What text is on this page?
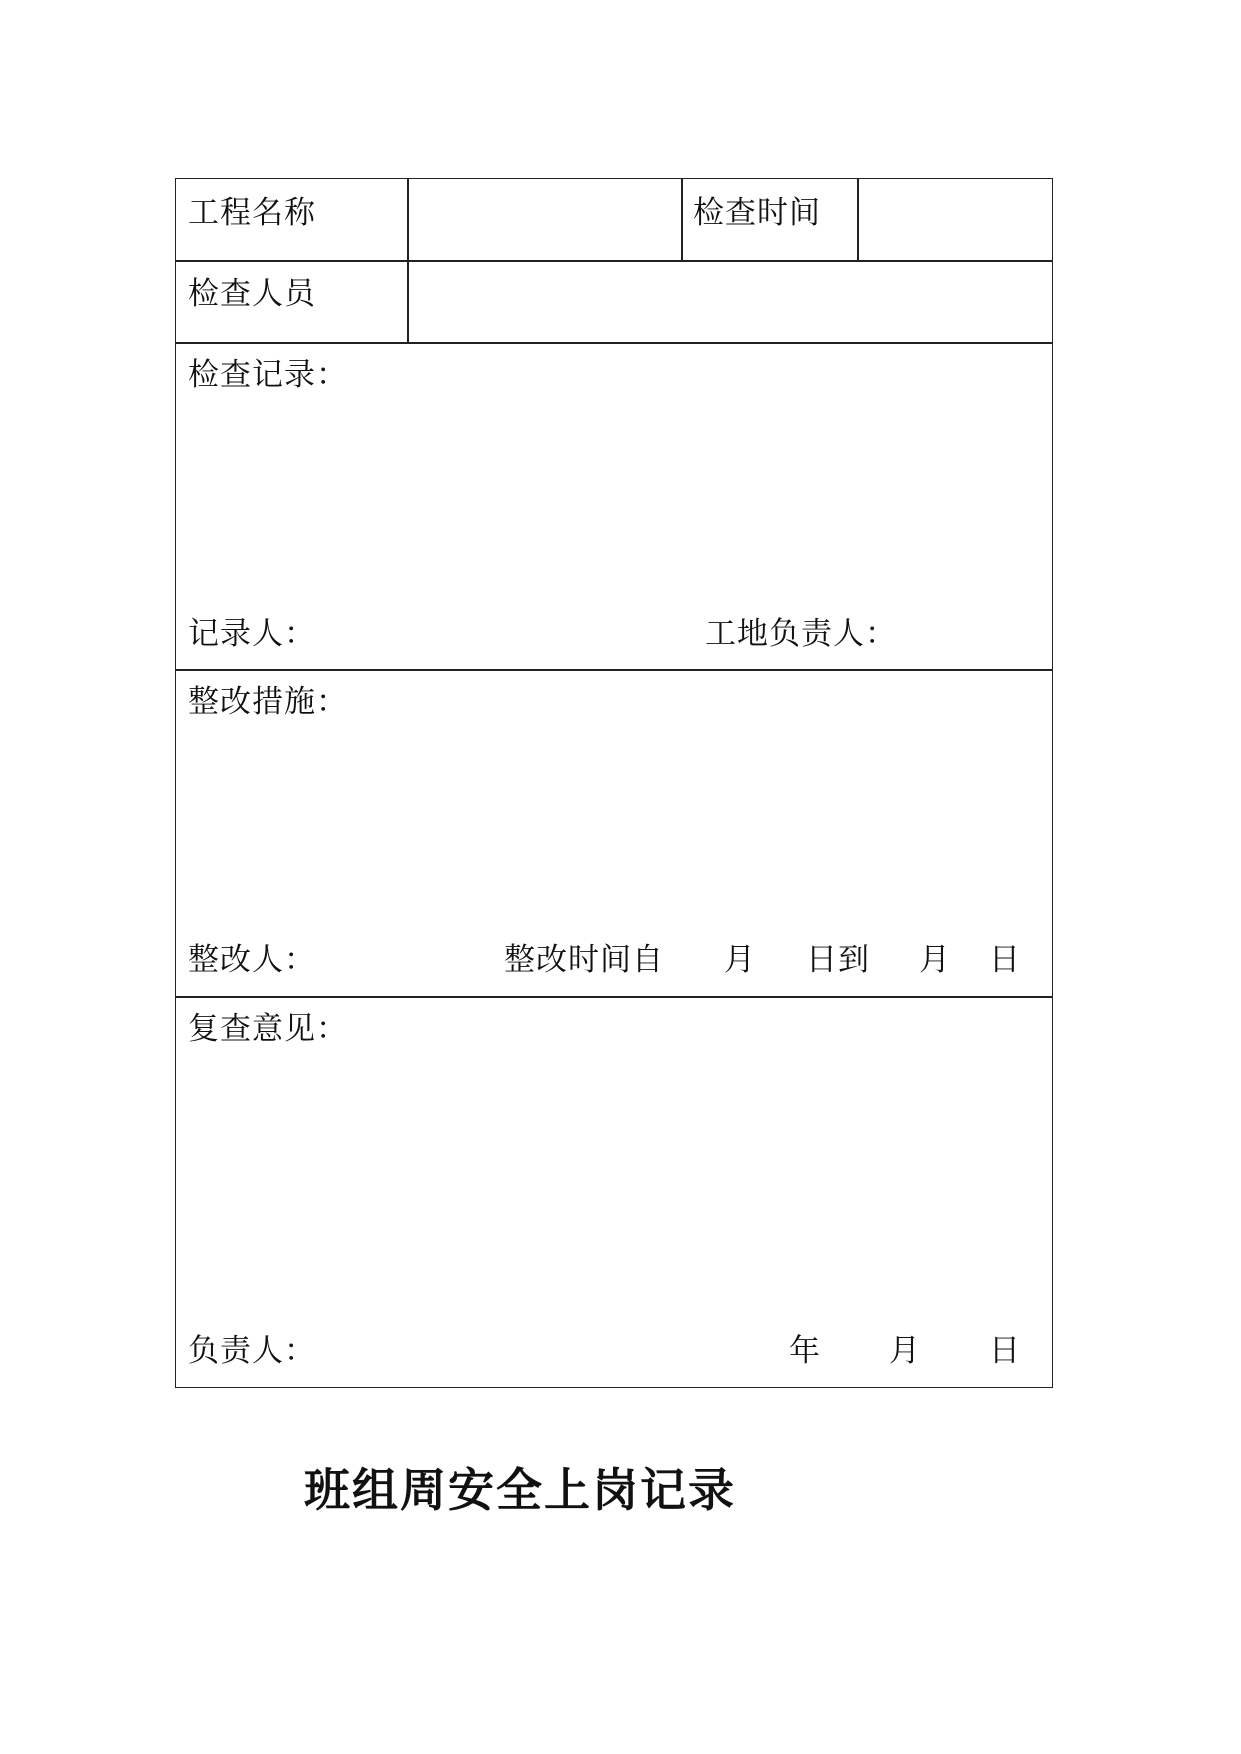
工程名称	检查时间
检查人员
检查记录：
记录人：	工地负责人：
整改措施：
整改人：	整改时间自 月 日到 月 日
复查意见：
负责人：	年 月 日
班组周安全上岗记录
